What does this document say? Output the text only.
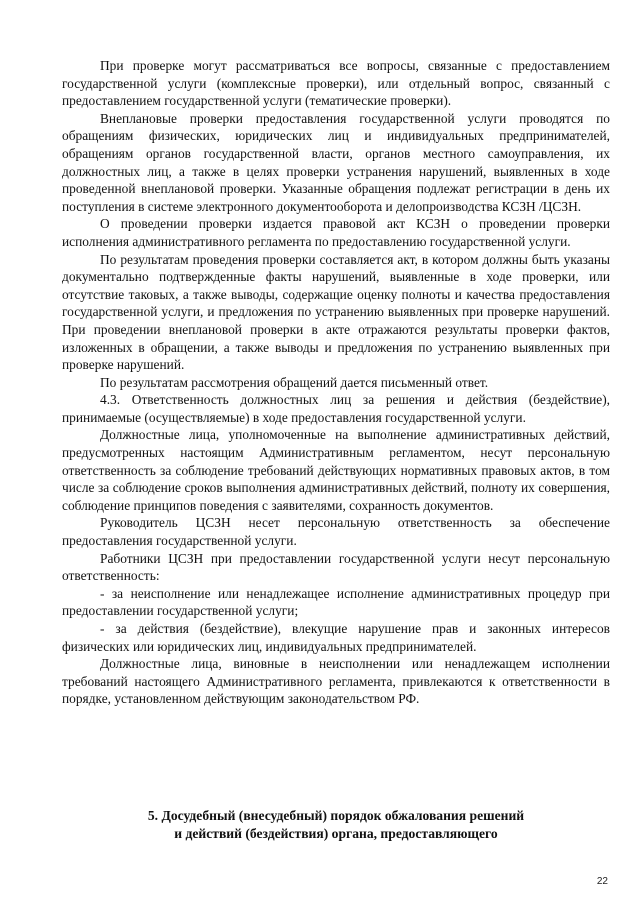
При проверке могут рассматриваться все вопросы, связанные с предоставлением государственной услуги (комплексные проверки), или отдельный вопрос, связанный с предоставлением государственной услуги (тематические проверки).

Внеплановые проверки предоставления государственной услуги проводятся по обращениям физических, юридических лиц и индивидуальных предпринимателей, обращениям органов государственной власти, органов местного самоуправления, их должностных лиц, а также в целях проверки устранения нарушений, выявленных в ходе проведенной внеплановой проверки. Указанные обращения подлежат регистрации в день их поступления в системе электронного документооборота и делопроизводства КСЗН /ЦСЗН.

О проведении проверки издается правовой акт КСЗН о проведении проверки исполнения административного регламента по предоставлению государственной услуги.

По результатам проведения проверки составляется акт, в котором должны быть указаны документально подтвержденные факты нарушений, выявленные в ходе проверки, или отсутствие таковых, а также выводы, содержащие оценку полноты и качества предоставления государственной услуги, и предложения по устранению выявленных при проверке нарушений. При проведении внеплановой проверки в акте отражаются результаты проверки фактов, изложенных в обращении, а также выводы и предложения по устранению выявленных при проверке нарушений.

По результатам рассмотрения обращений дается письменный ответ.

4.3. Ответственность должностных лиц за решения и действия (бездействие), принимаемые (осуществляемые) в ходе предоставления государственной услуги.

Должностные лица, уполномоченные на выполнение административных действий, предусмотренных настоящим Административным регламентом, несут персональную ответственность за соблюдение требований действующих нормативных правовых актов, в том числе за соблюдение сроков выполнения административных действий, полноту их совершения, соблюдение принципов поведения с заявителями, сохранность документов.

Руководитель ЦСЗН несет персональную ответственность за обеспечение предоставления государственной услуги.

Работники ЦСЗН при предоставлении государственной услуги несут персональную ответственность:

- за неисполнение или ненадлежащее исполнение административных процедур при предоставлении государственной услуги;

- за действия (бездействие), влекущие нарушение прав и законных интересов физических или юридических лиц, индивидуальных предпринимателей.

Должностные лица, виновные в неисполнении или ненадлежащем исполнении требований настоящего Административного регламента, привлекаются к ответственности в порядке, установленном действующим законодательством РФ.

5. Досудебный (внесудебный) порядок обжалования решений
и действий (бездействия) органа, предоставляющего
22
